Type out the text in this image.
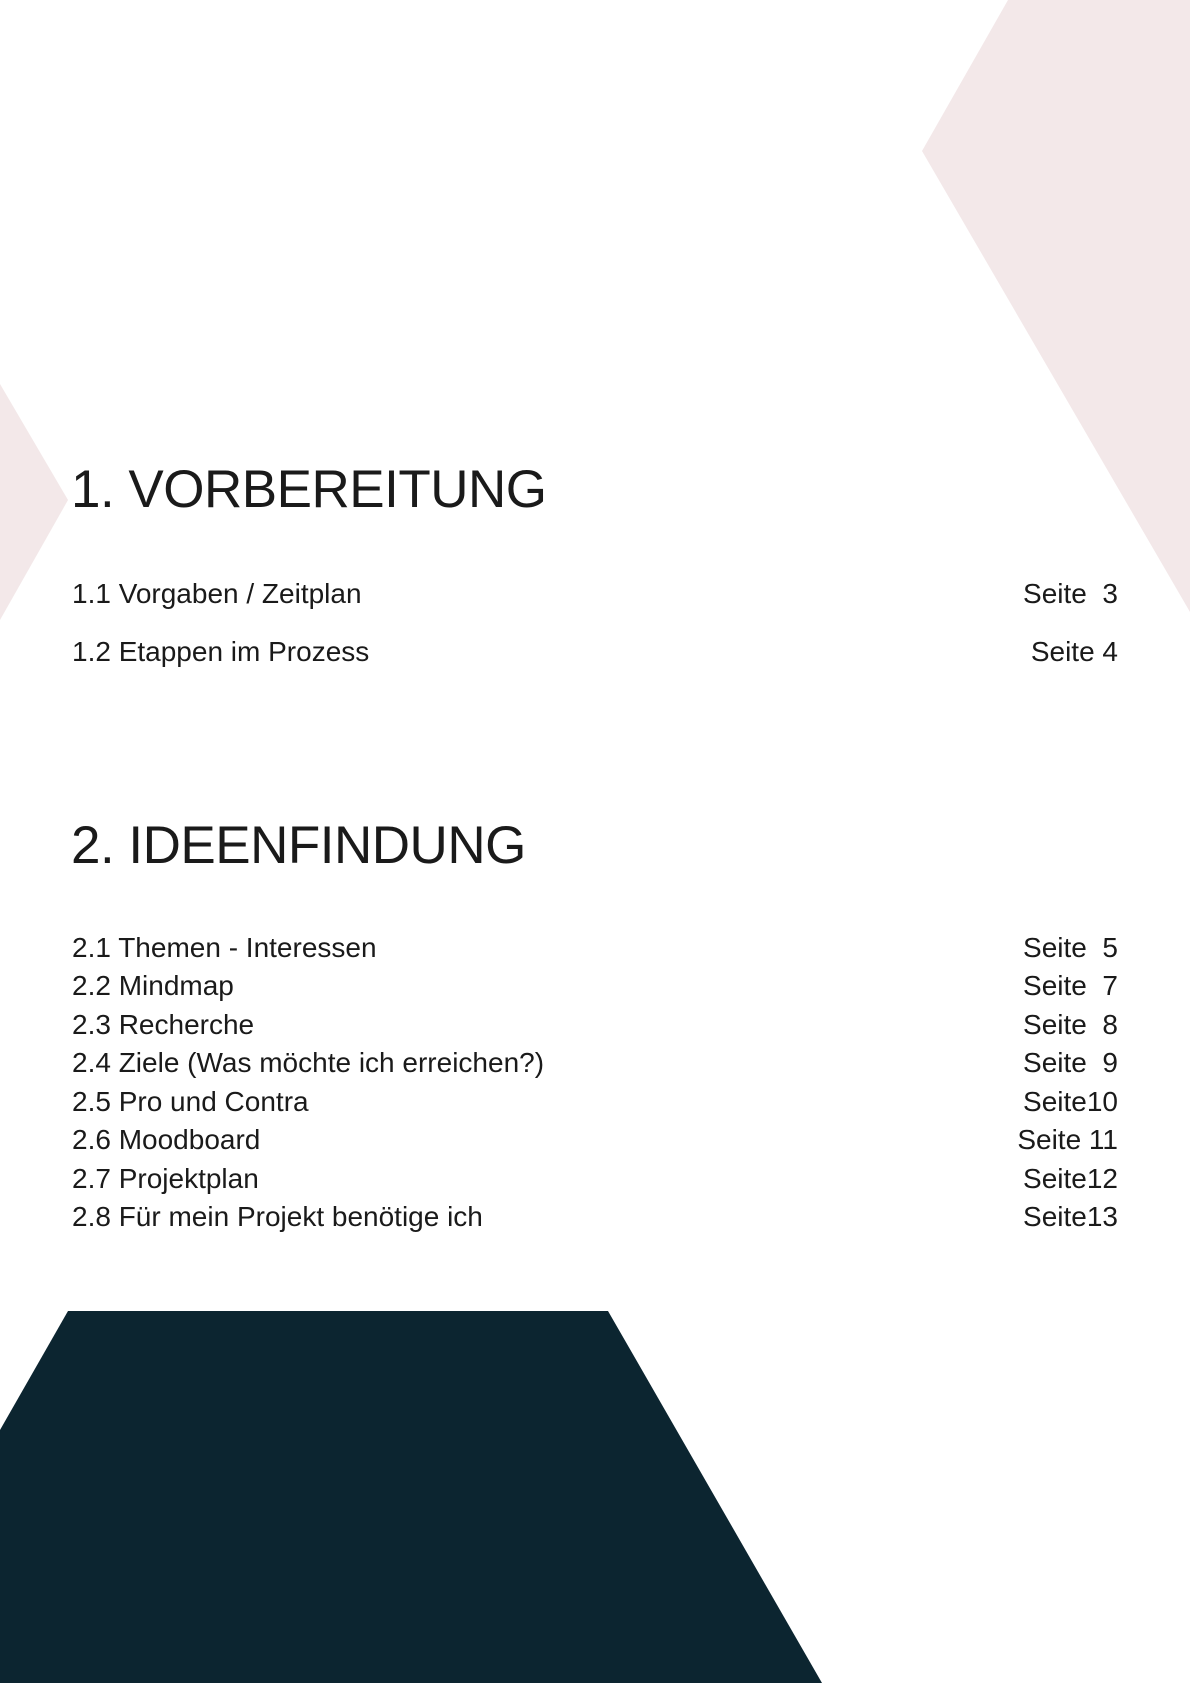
1. VORBEREITUNG
1.1 Vorgaben / Zeitplan	Seite  3
1.2 Etappen im Prozess	Seite 4
2. IDEENFINDUNG
2.1 Themen - Interessen	Seite  5
2.2 Mindmap	Seite  7
2.3 Recherche	Seite  8
2.4 Ziele (Was möchte ich erreichen?)	Seite  9
2.5 Pro und Contra	Seite10
2.6 Moodboard	Seite 11
2.7 Projektplan	Seite12
2.8 Für mein Projekt benötige ich	Seite13
